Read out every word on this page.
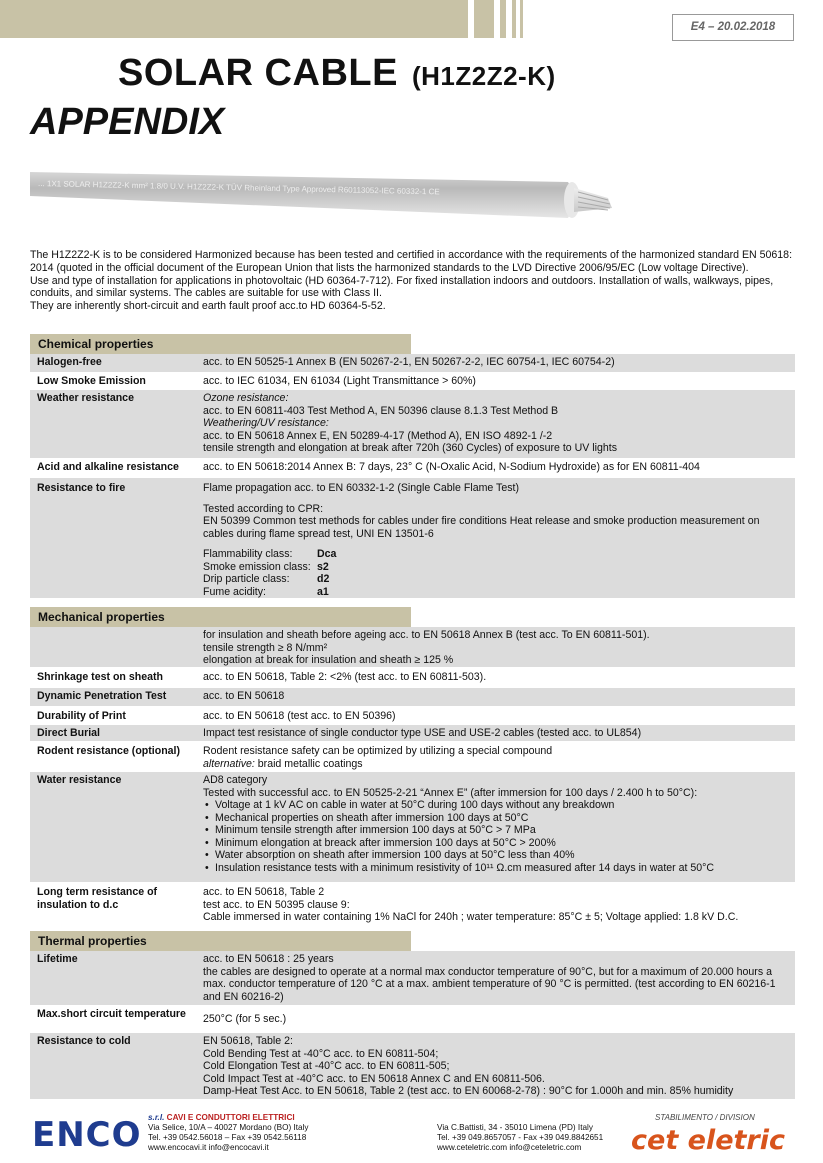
E4 – 20.02.2018
SOLAR CABLE (H1Z2Z2-K)
APPENDIX
... 1X1 SOLAR H1Z2Z2-K mm² 1.8/0 U.V. H1Z2Z2-K TÜV Rheinland Type Approved R60113052-IEC 60332-1 CE

The H1Z2Z2-K is to be considered Harmonized because has been tested and certified in accordance with the requirements of the harmonized standard EN 50618: 2014 (quoted in the official document of the European Union that lists the harmonized standards to the LVD Directive 2006/95/EC (Low voltage Directive).

Use and type of installation for applications in photovoltaic (HD 60364-7-712). For fixed installation indoors and outdoors. Installation of walls, walkways, pipes, conduits, and similar systems. The cables are suitable for use with Class II.

They are inherently short-circuit and earth fault proof acc.to HD 60364-5-52.

Chemical properties
Halogen-free	acc. to EN 50525-1 Annex B (EN 50267-2-1, EN 50267-2-2, IEC 60754-1, IEC 60754-2)
Low Smoke Emission	acc. to IEC 61034, EN 61034 (Light Transmittance > 60%)
Weather resistance	Ozone resistance:

acc. to EN 60811-403 Test Method A, EN 50396 clause 8.1.3 Test Method B

Weathering/UV resistance:

acc. to EN 50618 Annex E, EN 50289-4-17 (Method A), EN ISO 4892-1 /-2

tensile strength and elongation at break after 720h (360 Cycles) of exposure to UV lights

Acid and alkaline resistance	acc. to EN 50618:2014 Annex B: 7 days, 23° C (N-Oxalic Acid, N-Sodium Hydroxide) as for EN 60811-404
Resistance to fire	Flame propagation acc. to EN 60332-1-2 (Single Cable Flame Test)

Tested according to CPR:

EN 50399 Common test methods for cables under fire conditions Heat release and smoke production measurement on cables during flame spread test, UNI EN 13501-6

Flammability class:	Dca
Smoke emission class: s2
Drip particle class:	d2
Fume acidity:	a1
Mechanical properties

for insulation and sheath before ageing acc. to EN 50618 Annex B (test acc. To EN 60811-501).

tensile strength ≥ 8 N/mm²

elongation at break for insulation and sheath ≥ 125 %

Shrinkage test on sheath	acc. to EN 50618, Table 2: <2% (test acc. to EN 60811-503).
Dynamic Penetration Test	acc. to EN 50618
Durability of Print	acc. to EN 50618 (test acc. to EN 50396)
Direct Burial	Impact test resistance of single conductor type USE and USE-2 cables (tested acc. to UL854)
Rodent resistance (optional)	Rodent resistance safety can be optimized by utilizing a special compound

alternative: braid metallic coatings

Water resistance	AD8 category

Tested with successful acc. to EN 50525-2-21 “Annex E” (after immersion for 100 days / 2.400 h to 50°C):

• Voltage at 1 kV AC on cable in water at 50°C during 100 days without any breakdown
• Mechanical properties on sheath after immersion 100 days at 50°C
• Minimum tensile strength after immersion 100 days at 50°C > 7 MPa
• Minimum elongation at breack after immersion 100 days at 50°C > 200%
• Water absorption on sheath after immersion 100 days at 50°C less than 40%
• Insulation resistance tests with a minimum resistivity of 10¹¹ Ω.cm measured after 14 days in water at 50°C
Long term resistance of insulation to d.c

acc. to EN 50618, Table 2

test acc. to EN 50395 clause 9:

Cable immersed in water containing 1% NaCl for 240h ; water temperature: 85°C ± 5; Voltage applied: 1.8 kV D.C.

Thermal properties
Lifetime	acc. to EN 50618 : 25 years

the cables are designed to operate at a normal max conductor temperature of 90°C, but for a maximum of 20.000 hours a max. conductor temperature of 120 °C at a max. ambient temperature of 90 °C is permitted. (test according to EN 60216-1 and EN 60216-2)

Max.short circuit temperature	250°C (for 5 sec.)
Resistance to cold	EN 50618, Table 2:

Cold Bending Test at -40°C acc. to EN 60811-504;

Cold Elongation Test at -40°C acc. to EN 60811-505;

Cold Impact Test at -40°C acc. to EN 50618 Annex C and EN 60811-506.

Damp-Heat Test Acc. to EN 50618, Table 2 (test acc. to EN 60068-2-78) : 90°C for 1.000h and min. 85% humidity

ENCO s.r.l. CAVI E CONDUTTORI ELETTRICI
Via Selice, 10/A – 40027 Mordano (BO) Italy
Tel. +39 0542.56018 – Fax +39 0542.56118
www.encocavi.it info@encocavi.it
Via C.Battisti, 34 - 35010 Limena (PD) Italy
Tel. +39 049.8657057 - Fax +39 049.8842651
www.ceteletric.com info@ceteletric.com
STABILIMENTO / DIVISION
cet eletric
